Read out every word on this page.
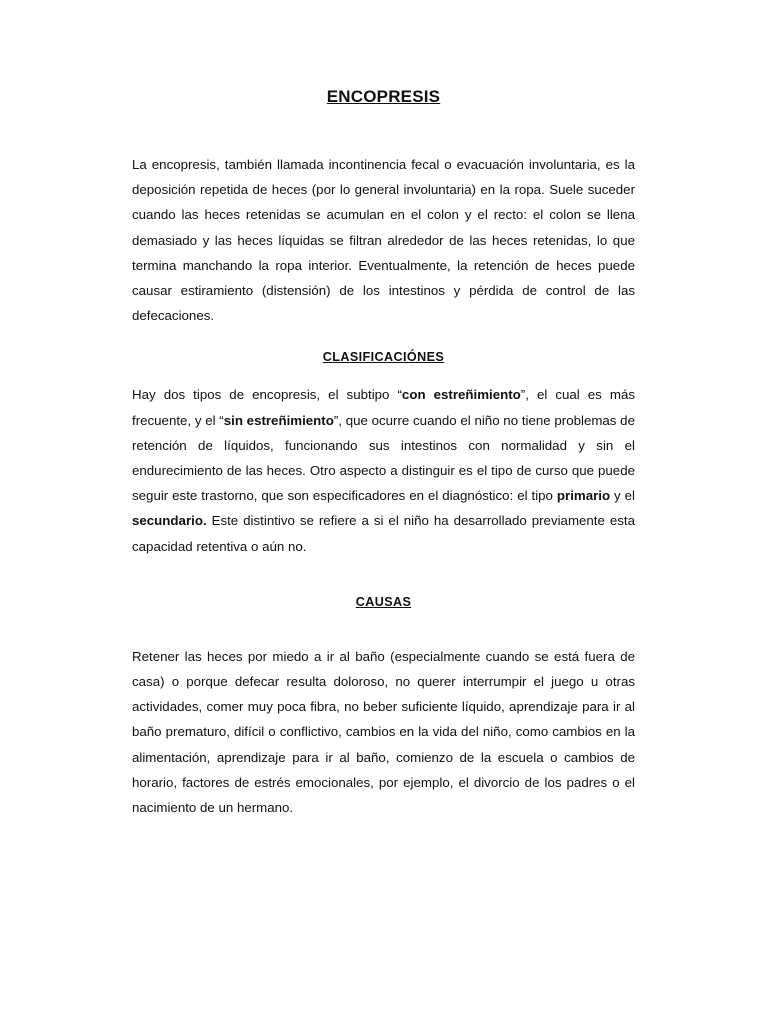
ENCOPRESIS

La encopresis, también llamada incontinencia fecal o evacuación involuntaria, es la deposición repetida de heces (por lo general involuntaria) en la ropa. Suele suceder cuando las heces retenidas se acumulan en el colon y el recto: el colon se llena demasiado y las heces líquidas se filtran alrededor de las heces retenidas, lo que termina manchando la ropa interior. Eventualmente, la retención de heces puede causar estiramiento (distensión) de los intestinos y pérdida de control de las defecaciones.

CLASIFICACIÓNES

Hay dos tipos de encopresis, el subtipo “con estreñimiento”, el cual es más frecuente, y el “sin estreñimiento”, que ocurre cuando el niño no tiene problemas de retención de líquidos, funcionando sus intestinos con normalidad y sin el endurecimiento de las heces. Otro aspecto a distinguir es el tipo de curso que puede seguir este trastorno, que son especificadores en el diagnóstico: el tipo primario y el secundario. Este distintivo se refiere a si el niño ha desarrollado previamente esta capacidad retentiva o aún no.

CAUSAS

Retener las heces por miedo a ir al baño (especialmente cuando se está fuera de casa) o porque defecar resulta doloroso, no querer interrumpir el juego u otras actividades, comer muy poca fibra, no beber suficiente líquido, aprendizaje para ir al baño prematuro, difícil o conflictivo, cambios en la vida del niño, como cambios en la alimentación, aprendizaje para ir al baño, comienzo de la escuela o cambios de horario, factores de estrés emocionales, por ejemplo, el divorcio de los padres o el nacimiento de un hermano.
